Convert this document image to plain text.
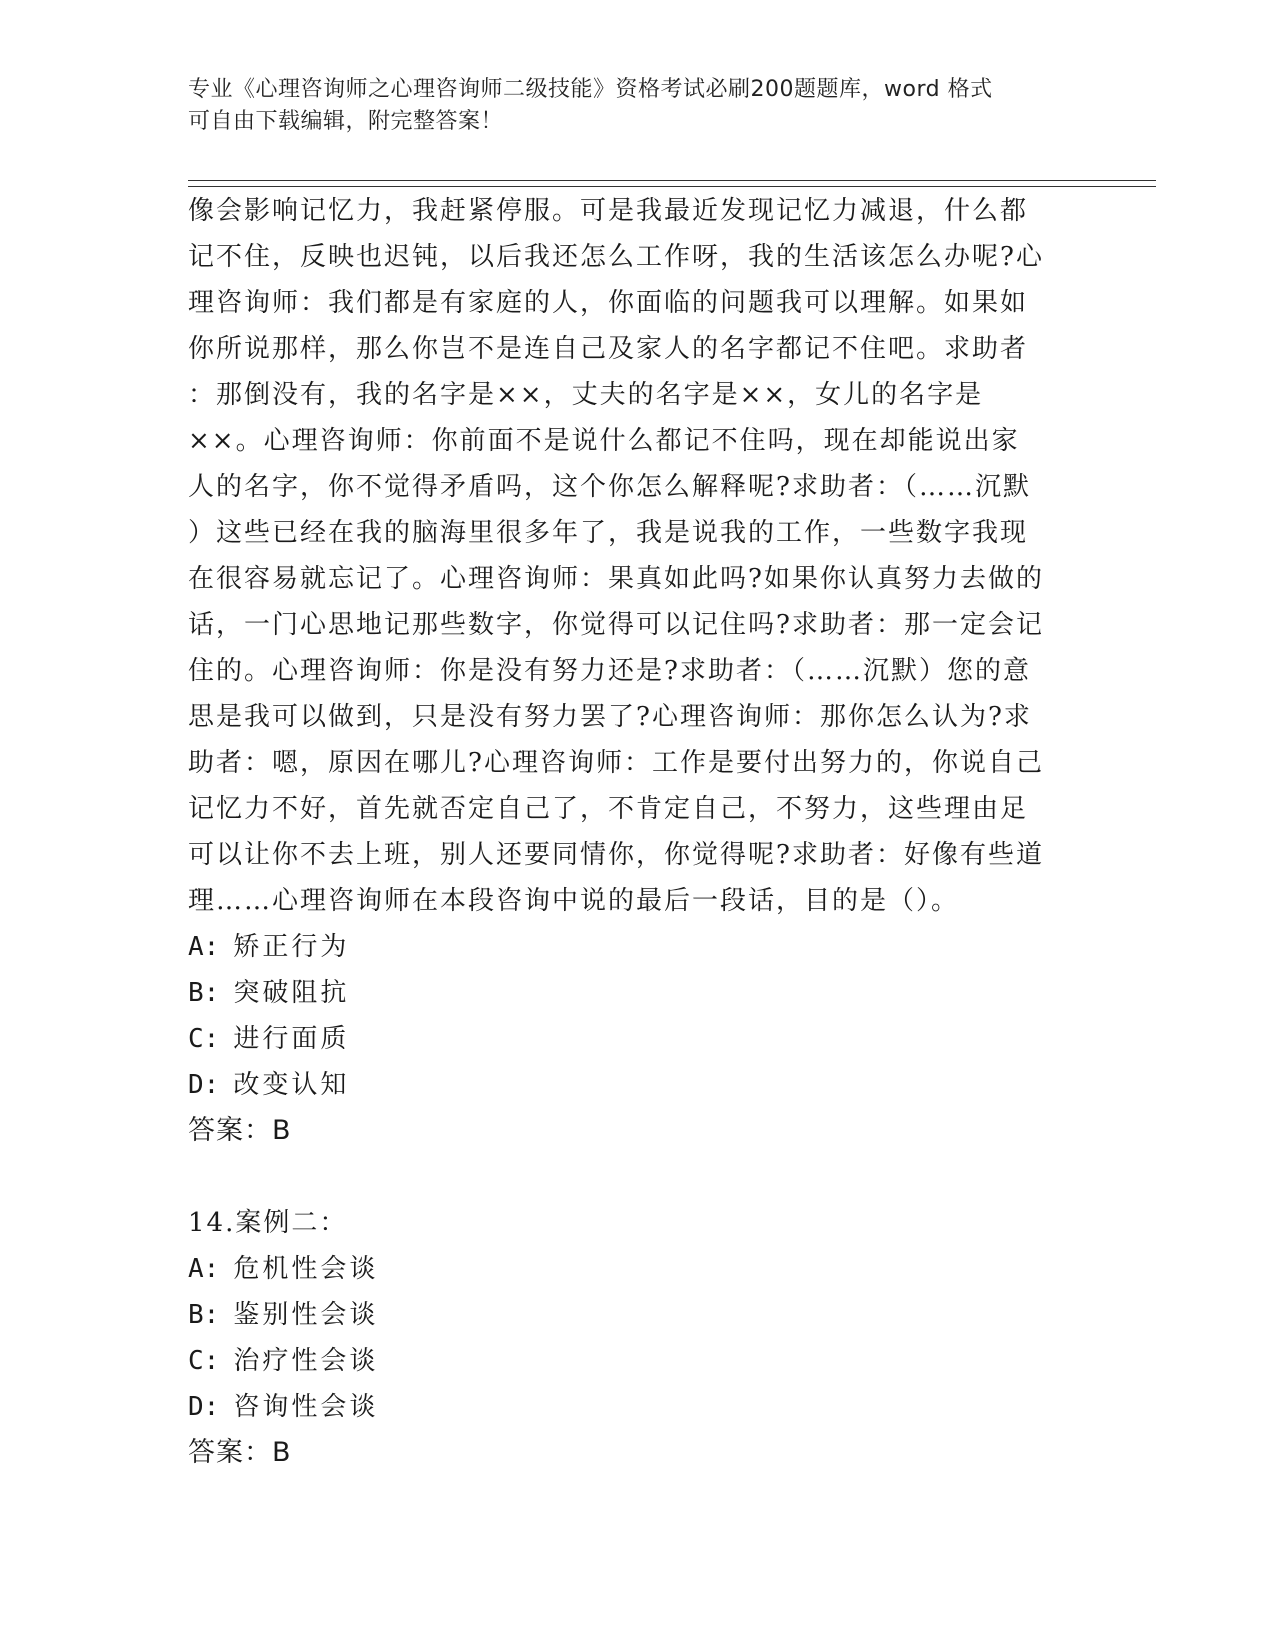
专业《心理咨询师之心理咨询师二级技能》资格考试必刷200题题库，word 格式
可自由下载编辑，附完整答案！
像会影响记忆力，我赶紧停服。可是我最近发现记忆力减退，什么都
记不住，反映也迟钝，以后我还怎么工作呀，我的生活该怎么办呢?心
理咨询师：我们都是有家庭的人，你面临的问题我可以理解。如果如
你所说那样，那么你岂不是连自己及家人的名字都记不住吧。求助者
：那倒没有，我的名字是××，丈夫的名字是××，女儿的名字是
××。心理咨询师：你前面不是说什么都记不住吗，现在却能说出家
人的名字，你不觉得矛盾吗，这个你怎么解释呢?求助者：（……沉默
）这些已经在我的脑海里很多年了，我是说我的工作，一些数字我现
在很容易就忘记了。心理咨询师：果真如此吗?如果你认真努力去做的
话，一门心思地记那些数字，你觉得可以记住吗?求助者：那一定会记
住的。心理咨询师：你是没有努力还是?求助者：（……沉默）您的意
思是我可以做到，只是没有努力罢了?心理咨询师：那你怎么认为?求
助者：嗯，原因在哪儿?心理咨询师：工作是要付出努力的，你说自己
记忆力不好，首先就否定自己了，不肯定自己，不努力，这些理由足
可以让你不去上班，别人还要同情你，你觉得呢?求助者：好像有些道
理……心理咨询师在本段咨询中说的最后一段话，目的是（）。
A: 矫正行为
B: 突破阻抗
C: 进行面质
D: 改变认知
答案：B
14.案例二：
A: 危机性会谈
B: 鉴别性会谈
C: 治疗性会谈
D: 咨询性会谈
答案：B
